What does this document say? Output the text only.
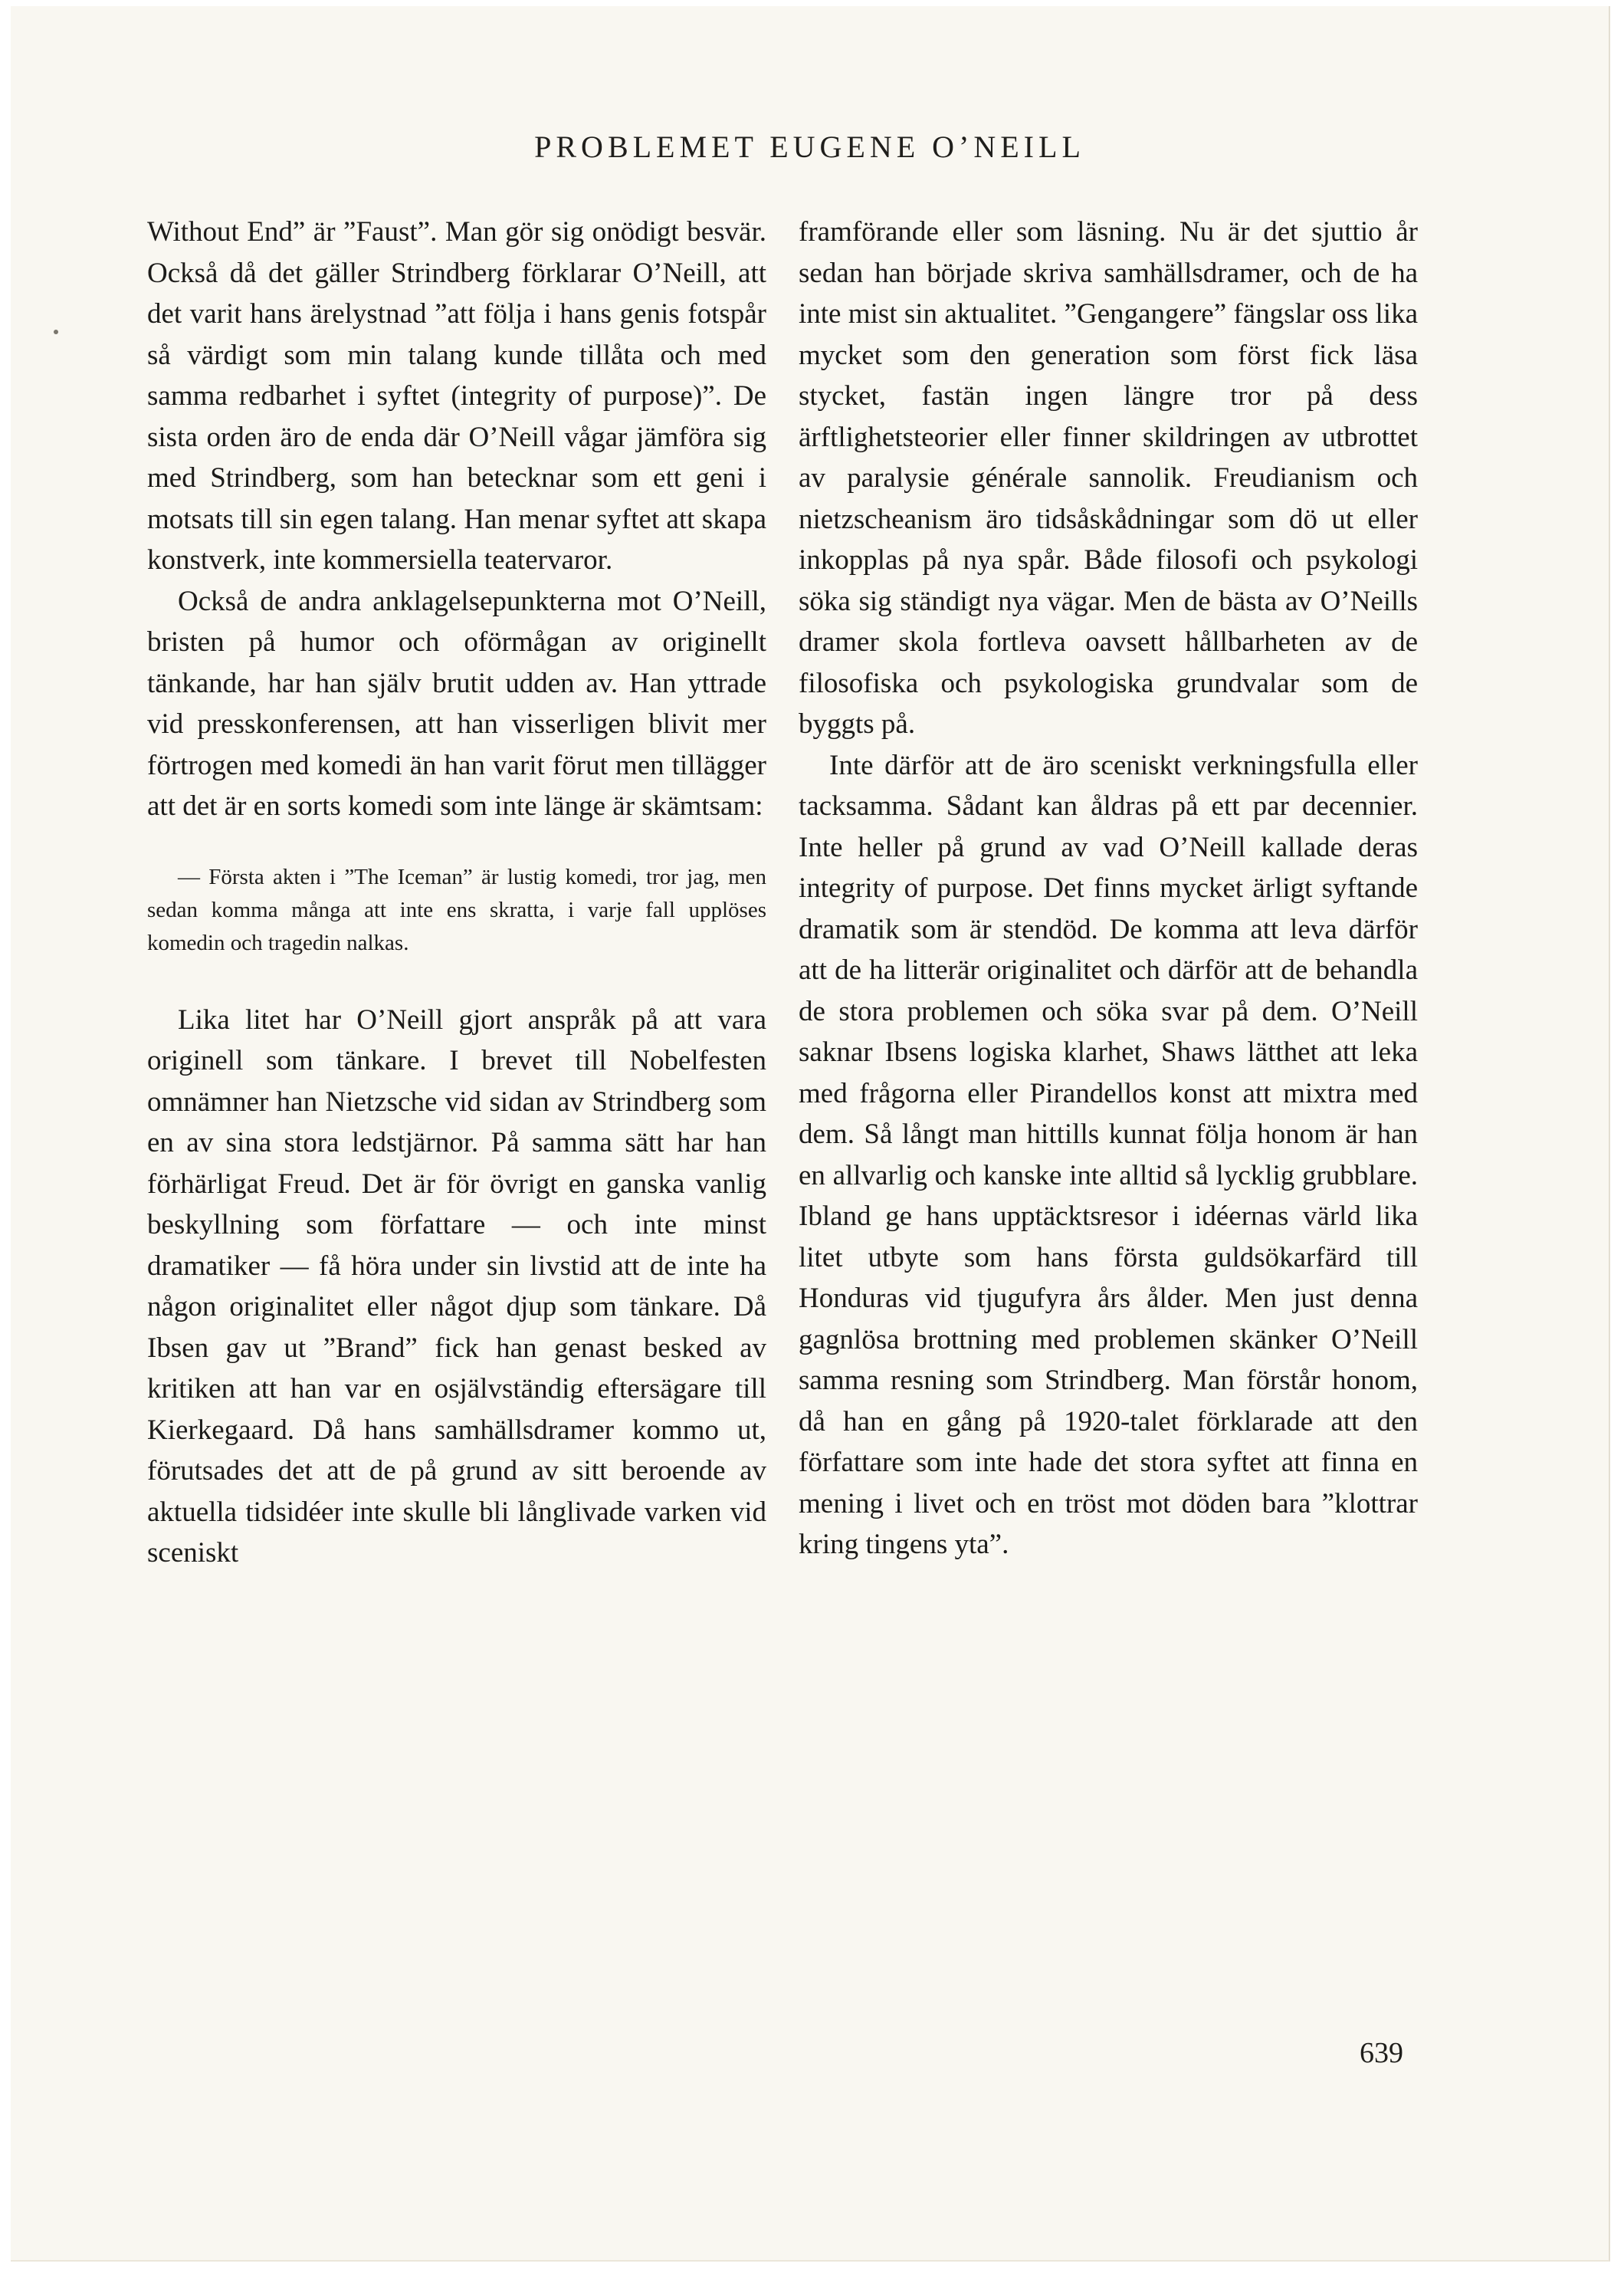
PROBLEMET EUGENE O’NEILL

Without End” är ”Faust”. Man gör sig onödigt besvär. Också då det gäller Strindberg förklarar O’Neill, att det varit hans ärelystnad ”att följa i hans genis fotspår så värdigt som min talang kunde tillåta och med samma redbarhet i syftet (integrity of purpose)”. De sista orden äro de enda där O’Neill vågar jämföra sig med Strindberg, som han betecknar som ett geni i motsats till sin egen talang. Han menar syftet att skapa konstverk, inte kommersiella teatervaror.

Också de andra anklagelsepunkterna mot O’Neill, bristen på humor och oförmågan av originellt tänkande, har han själv brutit udden av. Han yttrade vid presskonferensen, att han visserligen blivit mer förtrogen med komedi än han varit förut men tillägger att det är en sorts komedi som inte länge är skämtsam:

— Första akten i ”The Iceman” är lustig komedi, tror jag, men sedan komma många att inte ens skratta, i varje fall upplöses komedin och tragedin nalkas.

Lika litet har O’Neill gjort anspråk på att vara originell som tänkare. I brevet till Nobelfesten omnämner han Nietzsche vid sidan av Strindberg som en av sina stora ledstjärnor. På samma sätt har han förhärligat Freud. Det är för övrigt en ganska vanlig beskyllning som författare — och inte minst dramatiker — få höra under sin livstid att de inte ha någon originalitet eller något djup som tänkare. Då Ibsen gav ut ”Brand” fick han genast besked av kritiken att han var en osjälvständig eftersägare till Kierkegaard. Då hans samhällsdramer kommo ut, förutsades det att de på grund av sitt beroende av aktuella tidsidéer inte skulle bli långlivade varken vid sceniskt

framförande eller som läsning. Nu är det sjuttio år sedan han började skriva samhällsdramer, och de ha inte mist sin aktualitet. ”Gengangere” fängslar oss lika mycket som den generation som först fick läsa stycket, fastän ingen längre tror på dess ärftlighetsteorier eller finner skildringen av utbrottet av paralysie générale sannolik. Freudianism och nietzscheanism äro tidsåskådningar som dö ut eller inkopplas på nya spår. Både filosofi och psykologi söka sig ständigt nya vägar. Men de bästa av O’Neills dramer skola fortleva oavsett hållbarheten av de filosofiska och psykologiska grundvalar som de byggts på.

Inte därför att de äro sceniskt verkningsfulla eller tacksamma. Sådant kan åldras på ett par decennier. Inte heller på grund av vad O’Neill kallade deras integrity of purpose. Det finns mycket ärligt syftande dramatik som är stendöd. De komma att leva därför att de ha litterär originalitet och därför att de behandla de stora problemen och söka svar på dem. O’Neill saknar Ibsens logiska klarhet, Shaws lätthet att leka med frågorna eller Pirandellos konst att mixtra med dem. Så långt man hittills kunnat följa honom är han en allvarlig och kanske inte alltid så lycklig grubblare. Ibland ge hans upptäcktsresor i idéernas värld lika litet utbyte som hans första guldsökarfärd till Honduras vid tjugufyra års ålder. Men just denna gagnlösa brottning med problemen skänker O’Neill samma resning som Strindberg. Man förstår honom, då han en gång på 1920-talet förklarade att den författare som inte hade det stora syftet att finna en mening i livet och en tröst mot döden bara ”klottrar kring tingens yta”.

639
